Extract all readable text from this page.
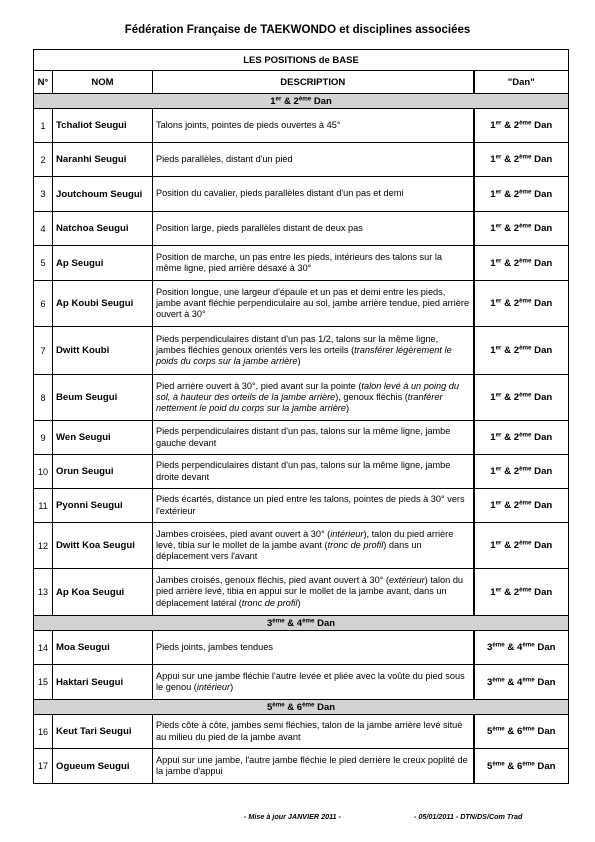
Fédération Française de TAEKWONDO et disciplines associées
LES POSITIONS de BASE			
N°	NOM	DESCRIPTION	"Dan"
1er & 2ème Dan			
1	Tchaliot Seugui	Talons joints, pointes de pieds ouvertes à 45°	1er & 2ème Dan
2	Naranhi Seugui	Pieds parallèles, distant d'un pied	1er & 2ème Dan
3	Joutchoum Seugui	Position du cavalier, pieds parallèles distant d'un pas et demi	1er & 2ème Dan
4	Natchoa Seugui	Position large, pieds parallèles distant de deux pas	1er & 2ème Dan
5	Ap Seugui	Position de marche, un pas entre les pieds, intérieurs des talons sur la même ligne, pied arrière désaxé à 30°	1er & 2ème Dan
6	Ap Koubi Seugui	Position longue, une largeur d'épaule et un pas et demi entre les pieds, jambe avant fléchie perpendiculaire au sol, jambe arrière tendue, pied arrière ouvert à 30°	1er & 2ème Dan
7	Dwitt Koubi	Pieds perpendiculaires distant d'un pas 1/2, talons sur la même ligne, jambes fléchies genoux orientés vers les orteils (transférer légèrement le poids du corps sur la jambe arrière)	1er & 2ème Dan
8	Beum Seugui	Pied arrière ouvert à 30°, pied avant sur la pointe (talon levé à un poing du sol, à hauteur des orteils de la jambe arrière), genoux fléchis (tranférer nettement le poid du corps sur la jambe arrière)	1er & 2ème Dan
9	Wen Seugui	Pieds perpendiculaires distant d'un pas, talons sur la même ligne, jambe gauche devant	1er & 2ème Dan
10	Orun Seugui	Pieds perpendiculaires distant d'un pas, talons sur la même ligne, jambe droite devant	1er & 2ème Dan
11	Pyonni Seugui	Pieds écartés, distance un pied entre les talons, pointes de pieds à 30° vers l'extérieur	1er & 2ème Dan
12	Dwitt Koa Seugui	Jambes croisées, pied avant ouvert à 30° (intérieur), talon du pied arrière levé, tibia sur le mollet de la jambe avant (tronc de profil) dans un déplacement vers l'avant	1er & 2ème Dan
13	Ap Koa Seugui	Jambes croisés, genoux fléchis, pied avant ouvert à 30° (extérieur) talon du pied arrière levé, tibia en appui sur le mollet de la jambe avant, dans un déplacement latéral (tronc de profil)	1er & 2ème Dan
3ème & 4ème Dan			
14	Moa Seugui	Pieds joints, jambes tendues	3ème & 4ème Dan
15	Haktari Seugui	Appui sur une jambe fléchie l'autre levée et pliée avec la voûte du pied sous le genou (intérieur)	3ème & 4ème Dan
5ème & 6ème Dan			
16	Keut Tari Seugui	Pieds côte à côte, jambes semi fléchies, talon de la jambe arrière levé situé au milieu du pied de la jambe avant	5ème & 6ème Dan
17	Ogueum Seugui	Appui sur une jambe, l'autre jambe fléchie le pied derrière le creux poplité de la jambe d'appui	5ème & 6ème Dan
- Mise à jour JANVIER 2011 -	- 05/01/2011 - DTN/DS/Com Trad
